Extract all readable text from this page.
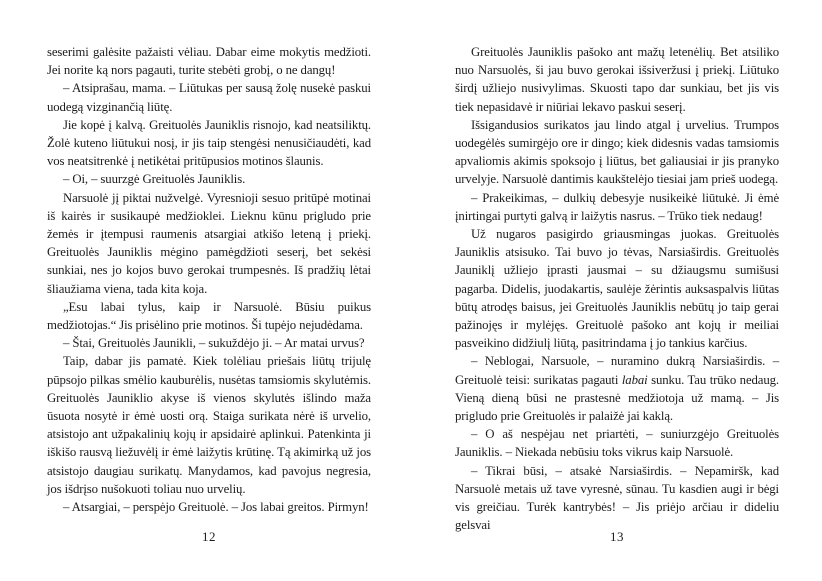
seserimi galėsite pažaisti vėliau. Dabar eime mokytis medžioti. Jei norite ką nors pagauti, turite stebėti grobį, o ne dangų!

– Atsiprašau, mama. – Liūtukas per sausą žolę nusekė paskui uodegą vizginančią liūtę.

Jie kopė į kalvą. Greituolės Jauniklis risnojo, kad neatsiliktų. Žolė kuteno liūtukui nosį, ir jis taip stengėsi nenusičiaudėti, kad vos neatsitrenkė į netikėtai pritūpusios motinos šlaunis.

– Oi, – suurzgė Greituolės Jauniklis.

Narsuolė jį piktai nužvelgė. Vyresnioji sesuo pritūpė motinai iš kairės ir susikaupė medžioklei. Lieknu kūnu prigludo prie žemės ir įtempusi raumenis atsargiai atkišo leteną į priekį. Greituolės Jauniklis mėgino pamėgdžioti seserį, bet sekėsi sunkiai, nes jo kojos buvo gerokai trumpesnės. Iš pradžių lėtai šliaužiama viena, tada kita koja.

„Esu labai tylus, kaip ir Narsuolė. Būsiu puikus medžiotojas.“ Jis prisėlino prie motinos. Ši tupėjo nejudėdama.

– Štai, Greituolės Jaunikli, – sukuždėjo ji. – Ar matai urvus?

Taip, dabar jis pamatė. Kiek tolėliau priešais liūtų trijulę pūpsojo pilkas smėlio kauburėlis, nusėtas tamsiomis skylutėmis. Greituolės Jauniklio akyse iš vienos skylutės išlindo maža ūsuota nosytė ir ėmė uosti orą. Staiga surikata nėrė iš urvelio, atsistojo ant užpakalinių kojų ir apsidairė aplinkui. Patenkinta ji iškišo rausvą liežuvėlį ir ėmė laižytis krūtinę. Tą akimirką už jos atsistojo daugiau surikatų. Manydamos, kad pavojus negresia, jos išdrįso nušokuoti toliau nuo urvelių.

– Atsargiai, – perspėjo Greituolė. – Jos labai greitos. Pirmyn!

12

Greituolės Jauniklis pašoko ant mažų letenėlių. Bet atsiliko nuo Narsuolės, ši jau buvo gerokai išsiveržusi į priekį. Liūtuko širdį užliejo nusivylimas. Skuosti tapo dar sunkiau, bet jis vis tiek nepasidavė ir niūriai lekavo paskui seserį.

Išsigandusios surikatos jau lindo atgal į urvelius. Trumpos uodegėlės sumirgėjo ore ir dingo; kiek didesnis vadas tamsiomis apvaliomis akimis spoksojo į liūtus, bet galiausiai ir jis pranyko urvelyje. Narsuolė dantimis kaukštelėjo tiesiai jam prieš uodegą.

– Prakeikimas, – dulkių debesyje nusikeikė liūtukė. Ji ėmė įnirtingai purtyti galvą ir laižytis nasrus. – Trūko tiek nedaug!

Už nugaros pasigirdo griausmingas juokas. Greituolės Jauniklis atsisuko. Tai buvo jo tėvas, Narsiaširdis. Greituolės Jauniklį užliejo įprasti jausmai – su džiaugsmu sumišusi pagarba. Didelis, juodakartis, saulėje žėrintis auksaspalvis liūtas būtų atrodęs baisus, jei Greituolės Jauniklis nebūtų jo taip gerai pažinojęs ir mylėjęs. Greituolė pašoko ant kojų ir meiliai pasveikino didžiulį liūtą, pasitrindama į jo tankius karčius.

– Neblogai, Narsuole, – nuramino dukrą Narsiaširdis. – Greituolė teisi: surikatas pagauti labai sunku. Tau trūko nedaug. Vieną dieną būsi ne prastesnė medžiotoja už mamą. – Jis prigludo prie Greituolės ir palaižė jai kaklą.

– O aš nespėjau net priartėti, – suniurzgėjo Greituolės Jauniklis. – Niekada nebūsiu toks vikrus kaip Narsuolė.

– Tikrai būsi, – atsakė Narsiaširdis. – Nepamiršk, kad Narsuolė metais už tave vyresnė, sūnau. Tu kasdien augi ir bėgi vis greičiau. Turėk kantrybės! – Jis priėjo arčiau ir dideliu gelsvai

13
